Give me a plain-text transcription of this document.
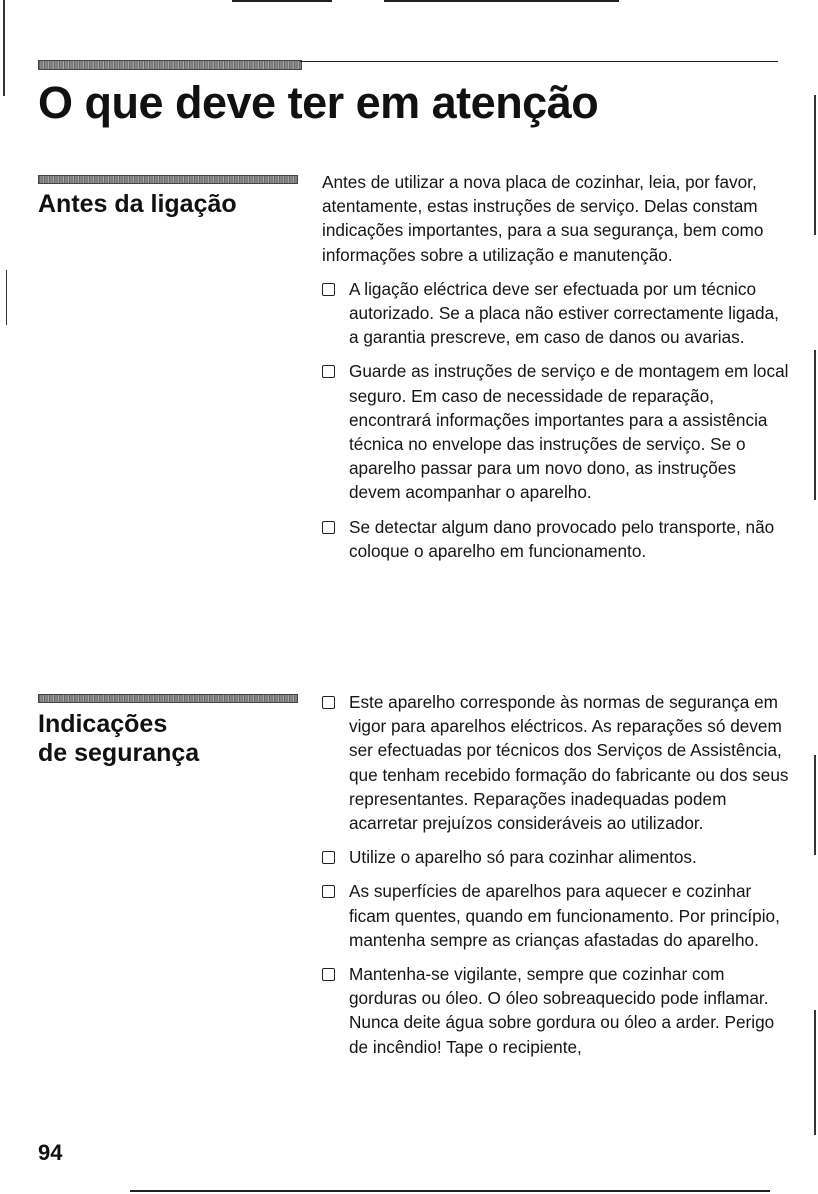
O que deve ter em atenção
Antes da ligação

Antes de utilizar a nova placa de cozinhar, leia, por favor, atentamente, estas instruções de serviço. Delas constam indicações importantes, para a sua segurança, bem como informações sobre a utilização e manutenção.

A ligação eléctrica deve ser efectuada por um técnico autorizado. Se a placa não estiver correctamente ligada, a garantia prescreve, em caso de danos ou avarias.

Guarde as instruções de serviço e de montagem em local seguro. Em caso de necessidade de reparação, encontrará informações importantes para a assistência técnica no envelope das instruções de serviço. Se o aparelho passar para um novo dono, as instruções devem acompanhar o aparelho.

Se detectar algum dano provocado pelo transporte, não coloque o aparelho em funcionamento.

Indicações
de segurança

Este aparelho corresponde às normas de segurança em vigor para aparelhos eléctricos. As reparações só devem ser efectuadas por técnicos dos Serviços de Assistência, que tenham recebido formação do fabricante ou dos seus representantes. Reparações inadequadas podem acarretar prejuízos consideráveis ao utilizador.

Utilize o aparelho só para cozinhar alimentos.

As superfícies de aparelhos para aquecer e cozinhar ficam quentes, quando em funcionamento. Por princípio, mantenha sempre as crianças afastadas do aparelho.

Mantenha-se vigilante, sempre que cozinhar com gorduras ou óleo. O óleo sobreaquecido pode inflamar. Nunca deite água sobre gordura ou óleo a arder. Perigo de incêndio! Tape o recipiente,

94
